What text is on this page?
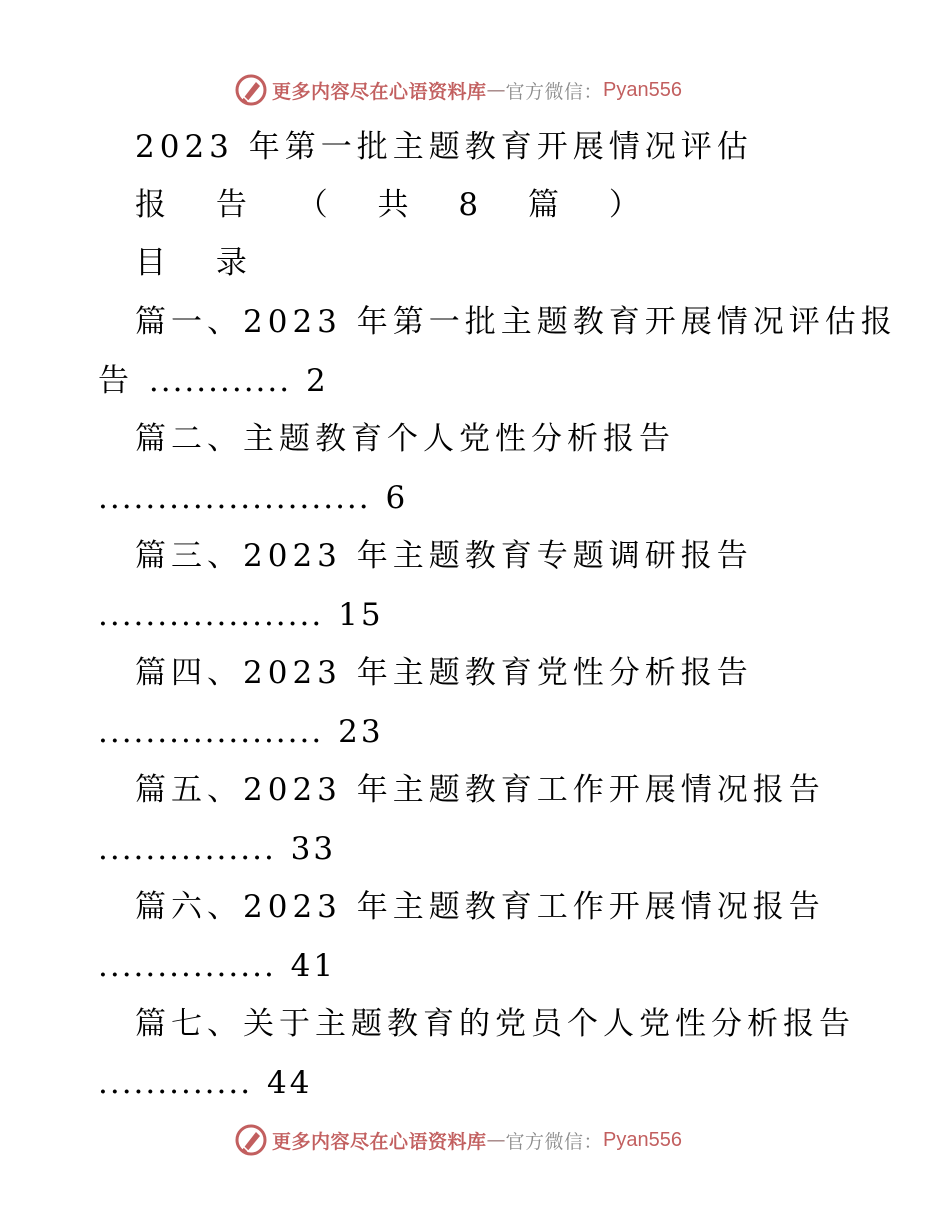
更多内容尽在心语资料库 — 官方微信： Pyan556
2023 年第一批主题教育开展情况评估
报 告 （ 共 8 篇 ）
目 录
篇一、2023 年第一批主题教育开展情况评估报
告 ............ 2
篇二、主题教育个人党性分析报告
....................... 6
篇三、2023 年主题教育专题调研报告
................... 15
篇四、2023 年主题教育党性分析报告
................... 23
篇五、2023 年主题教育工作开展情况报告
............... 33
篇六、2023 年主题教育工作开展情况报告
............... 41
篇七、关于主题教育的党员个人党性分析报告
............. 44
更多内容尽在心语资料库 — 官方微信： Pyan556
